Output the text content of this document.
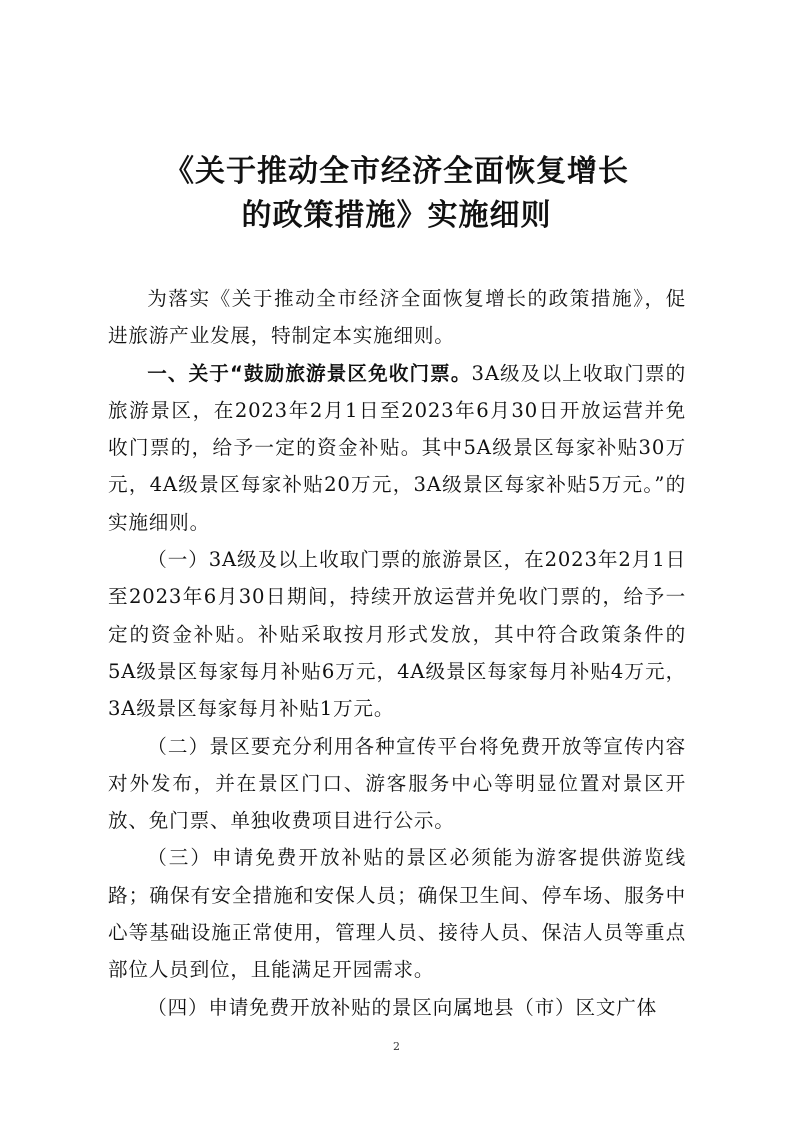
《关于推动全市经济全面恢复增长
的政策措施》实施细则

为落实《关于推动全市经济全面恢复增长的政策措施》，促进旅游产业发展，特制定本实施细则。

一、关于“鼓励旅游景区免收门票。3A级及以上收取门票的旅游景区，在2023年2月1日至2023年6月30日开放运营并免收门票的，给予一定的资金补贴。其中5A级景区每家补贴30万元，4A级景区每家补贴20万元，3A级景区每家补贴5万元。”的实施细则。

（一）3A级及以上收取门票的旅游景区，在2023年2月1日至2023年6月30日期间，持续开放运营并免收门票的，给予一定的资金补贴。补贴采取按月形式发放，其中符合政策条件的5A级景区每家每月补贴6万元，4A级景区每家每月补贴4万元，3A级景区每家每月补贴1万元。

（二）景区要充分利用各种宣传平台将免费开放等宣传内容对外发布，并在景区门口、游客服务中心等明显位置对景区开放、免门票、单独收费项目进行公示。

（三）申请免费开放补贴的景区必须能为游客提供游览线路；确保有安全措施和安保人员；确保卫生间、停车场、服务中心等基础设施正常使用，管理人员、接待人员、保洁人员等重点部位人员到位，且能满足开园需求。

（四）申请免费开放补贴的景区向属地县（市）区文广体

2
